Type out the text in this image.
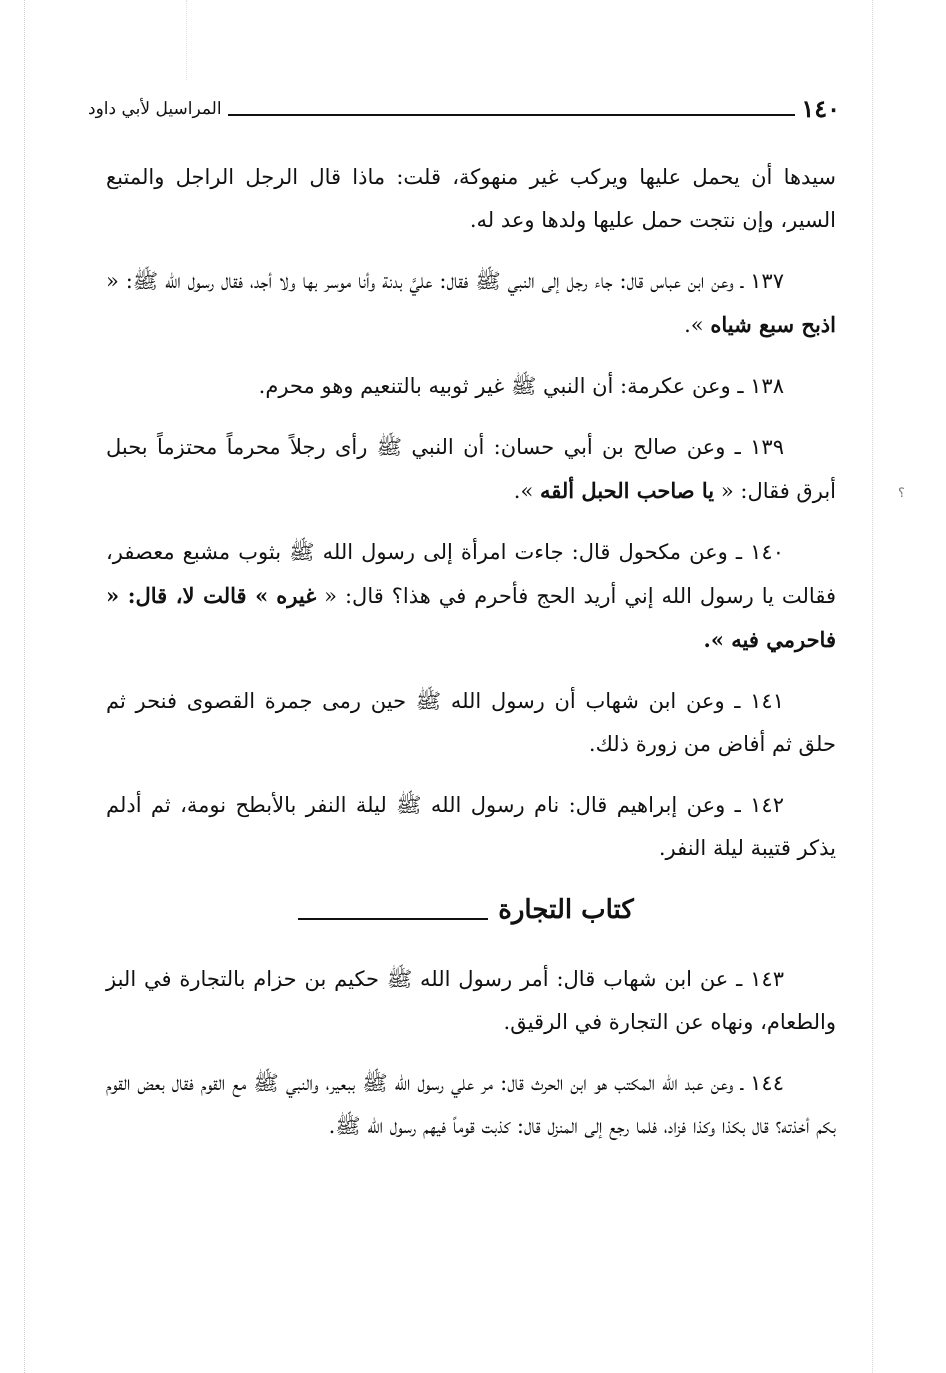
١٤٠
المراسيل لأبي داود
؟

سيدها أن يحمل عليها ويركب غير منهوكة، قلت: ماذا قال الرجل الراجل والمتبع السير، وإن نتجت حمل عليها ولدها وعد له.

١٣٧ ـ وعن ابن عباس قال: جاء رجل إلى النبي ﷺ فقال: عليَّ بدنة وأنا موسر بها ولا أجد، فقال رسول الله ﷺ: « اذبح سبع شياه ».

١٣٨ ـ وعن عكرمة: أن النبي ﷺ غير ثوبيه بالتنعيم وهو محرم.

١٣٩ ـ وعن صالح بن أبي حسان: أن النبي ﷺ رأى رجلاً محرماً محتزماً بحبل أبرق فقال: « يا صاحب الحبل ألقه ».

١٤٠ ـ وعن مكحول قال: جاءت امرأة إلى رسول الله ﷺ بثوب مشبع معصفر، فقالت يا رسول الله إني أريد الحج فأحرم في هذا؟ قال: « غيره » قالت لا، قال: « فاحرمي فيه ».

١٤١ ـ وعن ابن شهاب أن رسول الله ﷺ حين رمى جمرة القصوى فنحر ثم حلق ثم أفاض من زورة ذلك.

١٤٢ ـ وعن إبراهيم قال: نام رسول الله ﷺ ليلة النفر بالأبطح نومة، ثم أدلم يذكر قتيبة ليلة النفر.

كتاب التجارة

١٤٣ ـ عن ابن شهاب قال: أمر رسول الله ﷺ حكيم بن حزام بالتجارة في البز والطعام، ونهاه عن التجارة في الرقيق.

١٤٤ ـ وعن عبد الله المكتب هو ابن الحرث قال: مر علي رسول الله ﷺ ببعير، والنبي ﷺ مع القوم فقال بعض القوم بكم أخذته؟ قال بكذا وكذا فزاد، فلما رجع إلى المنزل قال: كذبت قوماً فيهم رسول الله ﷺ.
